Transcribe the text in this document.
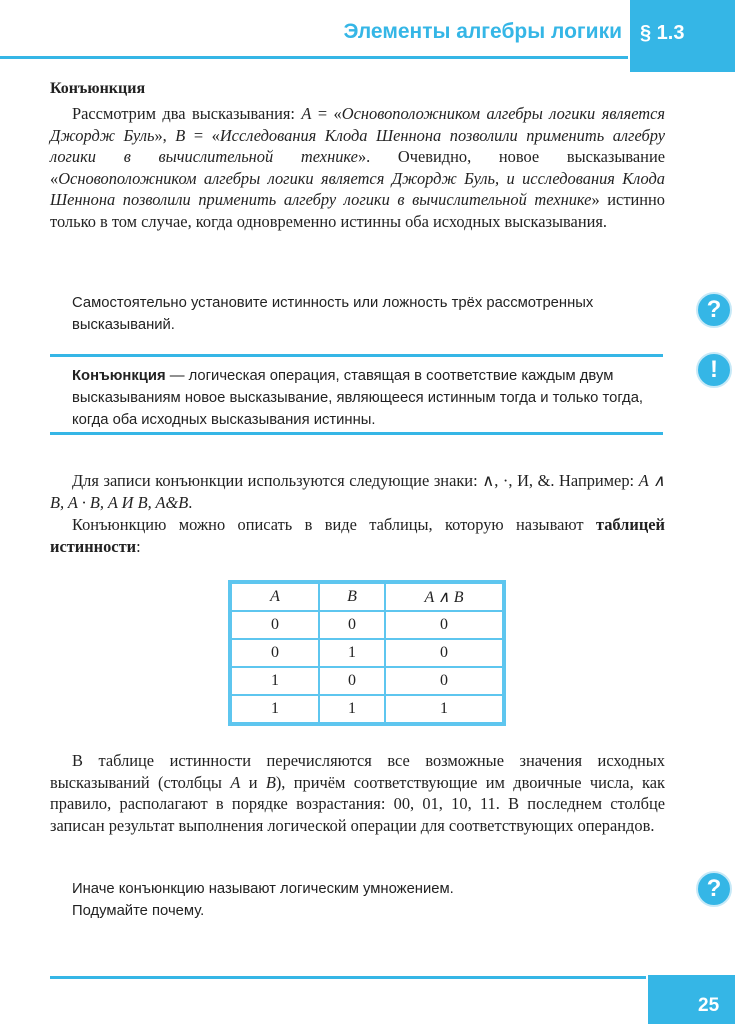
Элементы алгебры логики § 1.3
Конъюнкция

Рассмотрим два высказывания: А = «Основоположником алгебры логики является Джордж Буль», В = «Исследования Клода Шеннона позволили применить алгебру логики в вычислительной технике». Очевидно, новое высказывание «Основоположником алгебры логики является Джордж Буль, и исследования Клода Шеннона позволили применить алгебру логики в вычислительной технике» истинно только в том случае, когда одновременно истинны оба исходных высказывания.

Самостоятельно установите истинность или ложность трёх рассмотренных высказываний.

?
!

Конъюнкция — логическая операция, ставящая в соответствие каждым двум высказываниям новое высказывание, являющееся истинным тогда и только тогда, когда оба исходных высказывания истинны.

Для записи конъюнкции используются следующие знаки: ∧, ·, И, &. Например: A ∧ B, A · B, A И B, A&B.

Конъюнкцию можно описать в виде таблицы, которую называют таблицей истинности:

A	B	A ∧ B
0	0	0
0	1	0
1	0	0
1	1	1

В таблице истинности перечисляются все возможные значения исходных высказываний (столбцы А и В), причём соответствующие им двоичные числа, как правило, располагают в порядке возрастания: 00, 01, 10, 11. В последнем столбце записан результат выполнения логической операции для соответствующих операндов.

Иначе конъюнкцию называют логическим умножением.
Подумайте почему.

?
25
